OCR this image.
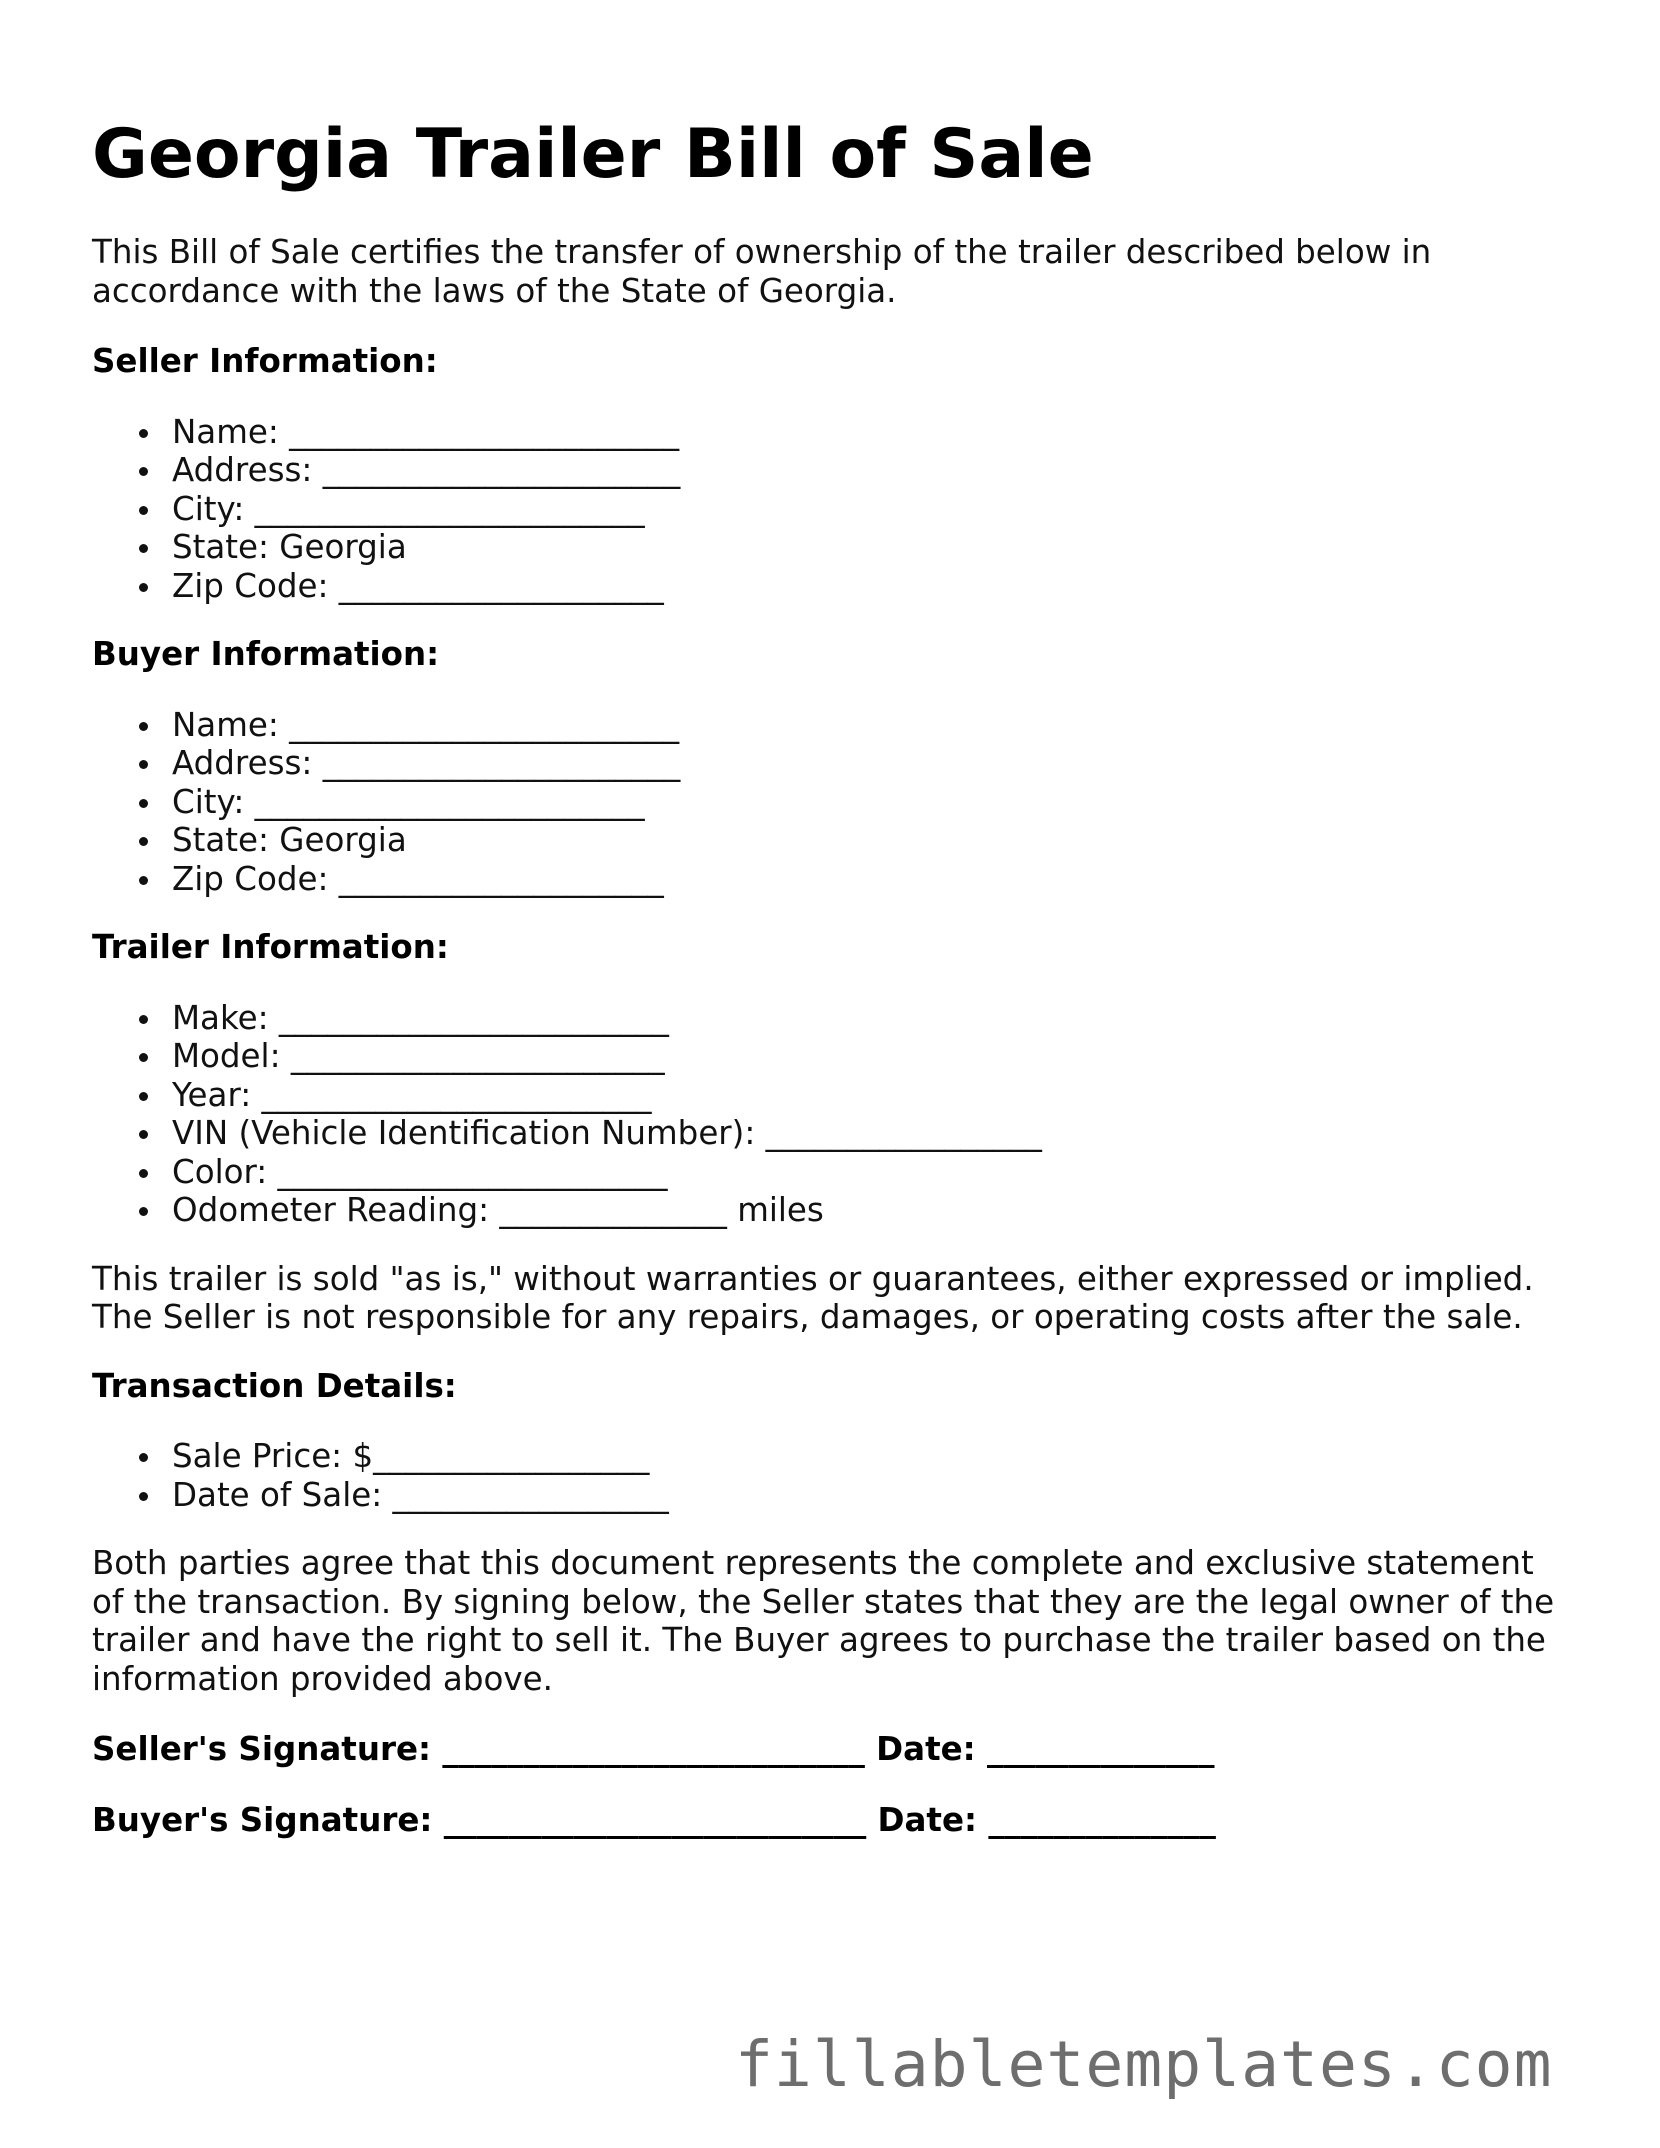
Georgia Trailer Bill of Sale

This Bill of Sale certifies the transfer of ownership of the trailer described below in accordance with the laws of the State of Georgia.

Seller Information:
Name: ________________________
Address: ______________________
City: ________________________
State: Georgia
Zip Code: ____________________
Buyer Information:
Name: ________________________
Address: ______________________
City: ________________________
State: Georgia
Zip Code: ____________________
Trailer Information:
Make: ________________________
Model: _______________________
Year: ________________________
VIN (Vehicle Identification Number): _________________
Color: ________________________
Odometer Reading: ______________ miles

This trailer is sold "as is," without warranties or guarantees, either expressed or implied. The Seller is not responsible for any repairs, damages, or operating costs after the sale.

Transaction Details:
Sale Price: $_________________
Date of Sale: _________________

Both parties agree that this document represents the complete and exclusive statement of the transaction. By signing below, the Seller states that they are the legal owner of the trailer and have the right to sell it. The Buyer agrees to purchase the trailer based on the information provided above.

Seller's Signature: __________________________ Date: ______________
Buyer's Signature: __________________________ Date: ______________
fillabletemplates.com
